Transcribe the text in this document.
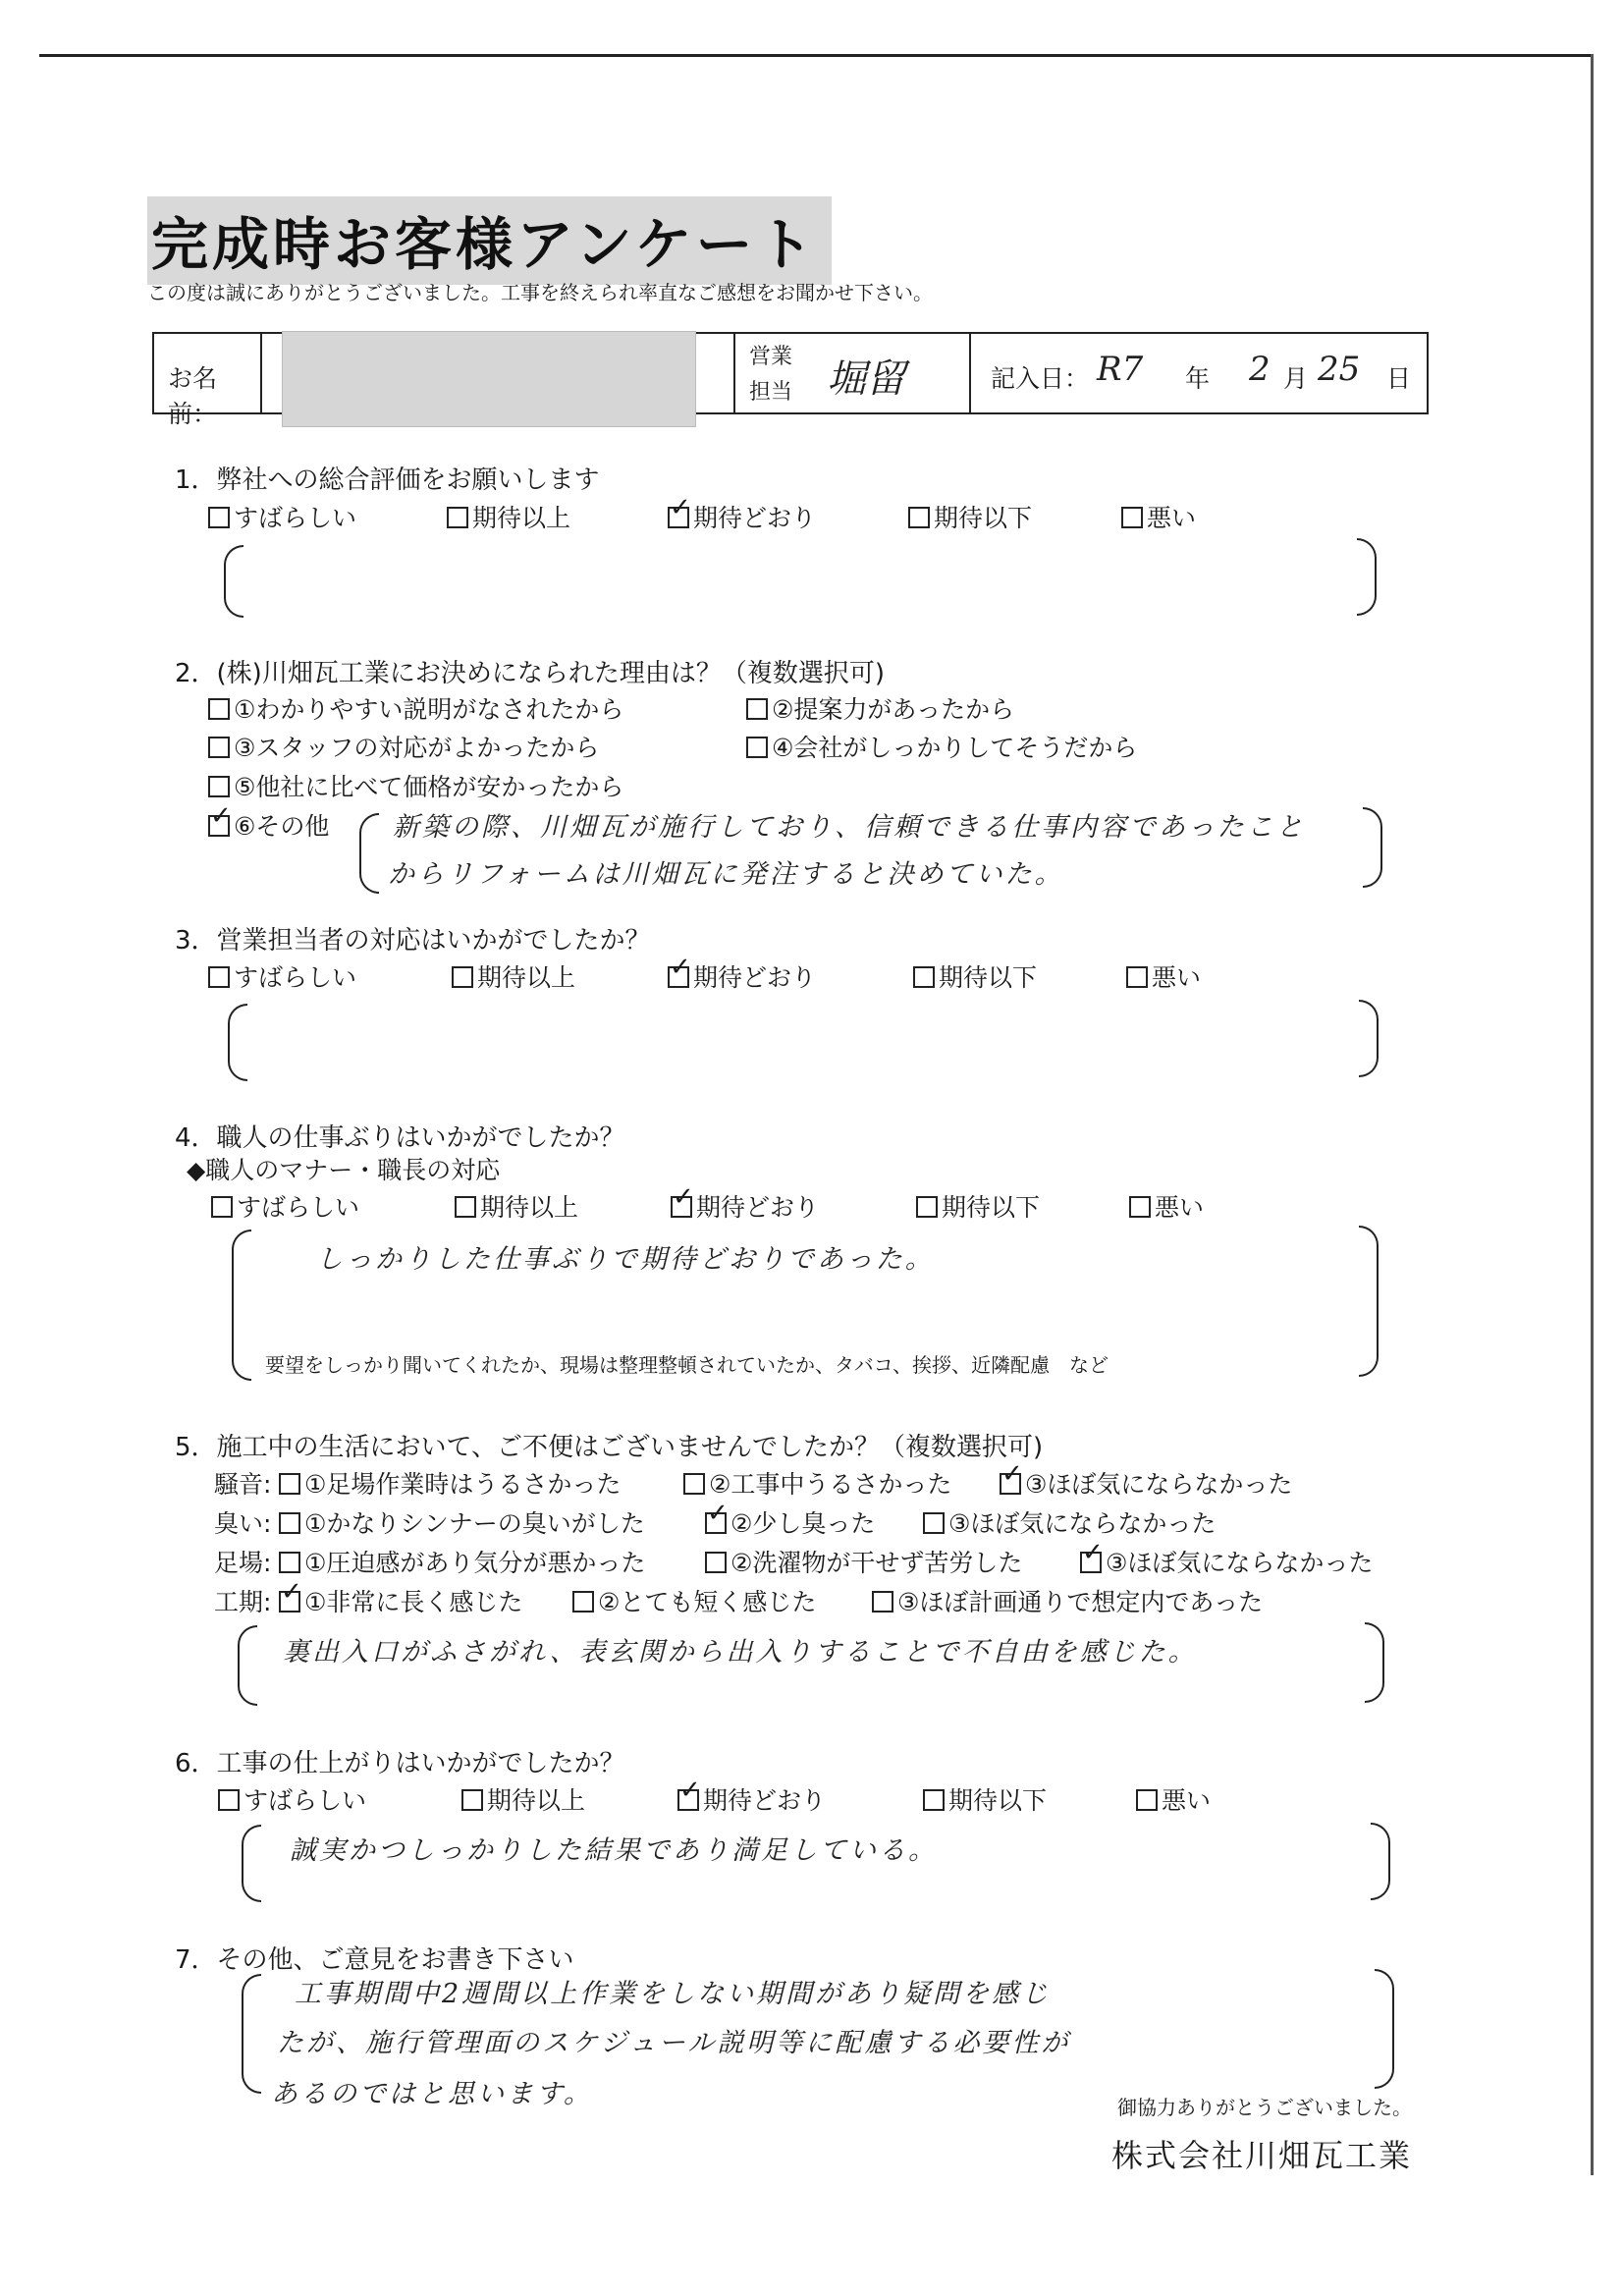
完成時お客様アンケート
この度は誠にありがとうございました。工事を終えられ率直なご感想をお聞かせ下さい。
お名前：
営業
担当 堀留	記入日： R7 年 2 月 25 日
1．弊社への総合評価をお願いします
すばらしい	期待以上 ✓	期待どおり	期待以下	悪い
2．(株)川畑瓦工業にお決めになられた理由は？（複数選択可)
①わかりやすい説明がなされたから	②提案力があったから
③スタッフの対応がよかったから	④会社がしっかりしてそうだから
⑤他社に比べて価格が安かったから
✓⑥その他 新築の際、川畑瓦が施行しており、信頼できる仕事内容であったこと
からリフォームは川畑瓦に発注すると決めていた。
3．営業担当者の対応はいかがでしたか？
すばらしい	期待以上 ✓	期待どおり	期待以下	悪い
4．職人の仕事ぶりはいかがでしたか？
◆職人のマナー・職長の対応
すばらしい	期待以上 ✓	期待どおり	期待以下	悪い
しっかりした仕事ぶりで期待どおりであった。
要望をしっかり聞いてくれたか、現場は整理整頓されていたか、タバコ、挨拶、近隣配慮　など
5．施工中の生活において、ご不便はございませんでしたか？（複数選択可)
騒音:	①足場作業時はうるさかった	②工事中うるさかった ✓	③ほぼ気にならなかった
臭い:	①かなりシンナーの臭いがした ✓	②少し臭った	③ほぼ気にならなかった
足場:	①圧迫感があり気分が悪かった	②洗濯物が干せず苦労した ✓	③ほぼ気にならなかった
工期: ✓	①非常に長く感じた	②とても短く感じた	③ほぼ計画通りで想定内であった
裏出入口がふさがれ、表玄関から出入りすることで不自由を感じた。
6．工事の仕上がりはいかがでしたか？
すばらしい	期待以上 ✓	期待どおり	期待以下	悪い
誠実かつしっかりした結果であり満足している。
7．その他、ご意見をお書き下さい
工事期間中2週間以上作業をしない期間があり疑問を感じ
たが、施行管理面のスケジュール説明等に配慮する必要性が
あるのではと思います。	御協力ありがとうございました。
株式会社川畑瓦工業
